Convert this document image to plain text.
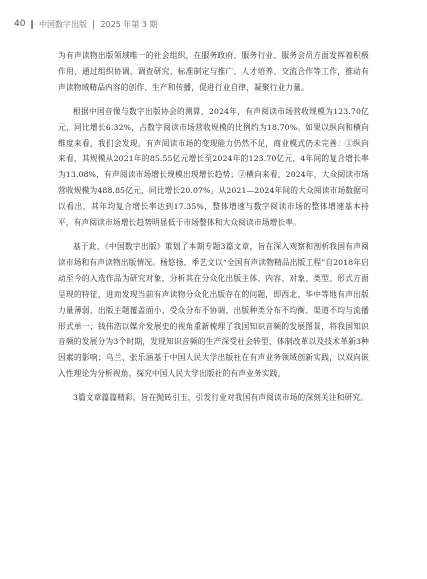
40 中国数字出版 2025 年第 3 期

为有声读物出版领域唯一的社会组织，在服务政府、服务行业、服务会员方面发挥着积极作用，通过组织协调、调查研究、标准制定与推广、人才培养、交流合作等工作，推动有声读物域精品内容的创作、生产和传播，促进行业自律，凝聚行业力量。

根据中国音像与数字出版协会的测算，2024年，有声阅读市场营收规模为123.70亿元，同比增长6.32%，占数字阅读市场营收规模的比例约为18.70%。如果以纵向和横向维度来看，我们会发现，有声阅读市场的变现能力仍然不足，商业模式仍未完善：①纵向来看，其规模从2021年的85.55亿元增长至2024年的123.70亿元，4年间的复合增长率为13.08%，有声阅读市场增长规模出现增长趋势；②横向来看，2024年，大众阅读市场营收规模为488.85亿元，同比增长20.07%。从2021—2024年间的大众阅读市场数据可以看出，其年均复合增长率达到17.35%，整体增速与数字阅读市场的整体增速基本持平，有声阅读市场增长趋势明显低于市场整体和大众阅读市场增长率。

基于此，《中国数字出版》策划了本期专题3篇文章，旨在深入观察和剖析我国有声阅读市场和有声读物出版情况。杨悠扬、季艺文以“全国有声读物精品出版工程”自2018年启动至今的入选作品为研究对象，分析其在分众化出版主体、内容、对象、类型、形式方面呈现的特征，进而发现当前有声读物分众化出版存在的问题，即西北、华中等地有声出版力量薄弱，出版主题覆盖面小、受众分布不协调、出版种类分布不均衡、渠道不均与流播形式单一；钱伟浩以媒介发展史的视角重新梳理了我国知识音频的发展图景，将我国知识音频的发展分为3个时期，发现知识音频的生产深受社会转型、体制改革以及技术革新3种因素的影响；乌兰、张乐涵基于中国人民大学出版社在有声业务领域创新实践，以双向嵌入性理论为分析视角，探究中国人民大学出版社的有声业务实践。

3篇文章篇篇精彩，旨在抛砖引玉，引发行业对我国有声阅读市场的深刻关注和研究。
